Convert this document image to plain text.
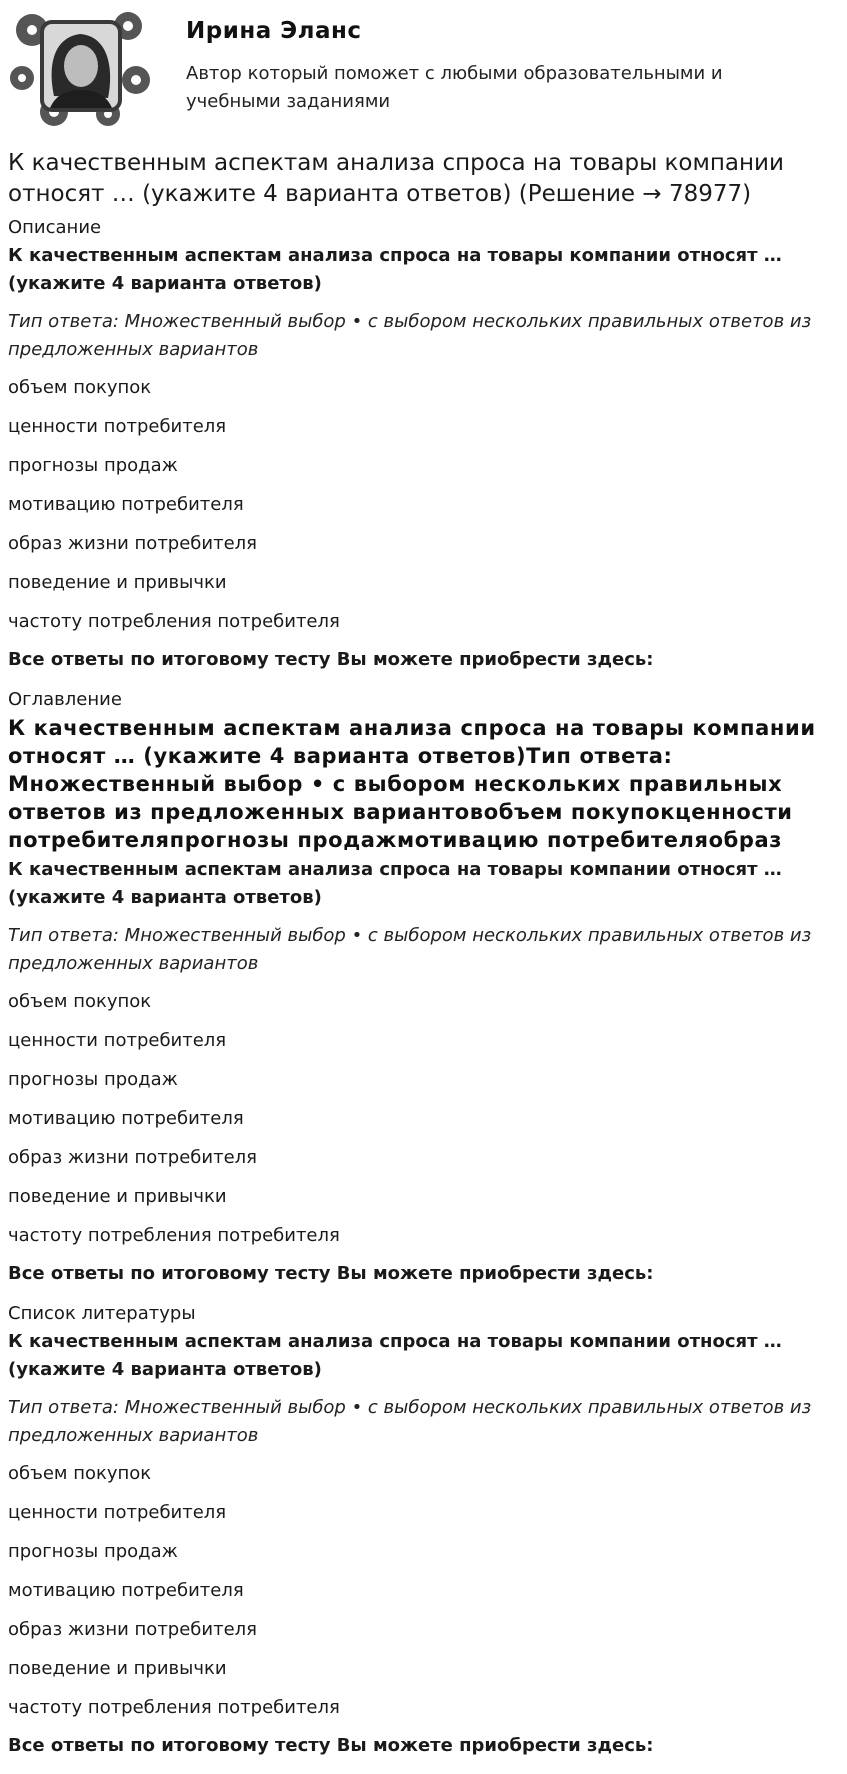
Ирина Эланс
Автор который поможет с любыми образовательными и учебными заданиями
К качественным аспектам анализа спроса на товары компании относят … (укажите 4 варианта ответов) (Решение → 78977)
Описание
К качественным аспектам анализа спроса на товары компании относят … (укажите 4 варианта ответов)
Тип ответа: Множественный выбор • с выбором нескольких правильных ответов из предложенных вариантов
объем покупок
ценности потребителя
прогнозы продаж
мотивацию потребителя
образ жизни потребителя
поведение и привычки
частоту потребления потребителя
Все ответы по итоговому тесту Вы можете приобрести здесь:
Оглавление
К качественным аспектам анализа спроса на товары компании относят … (укажите 4 варианта ответов)Тип ответа: Множественный выбор • с выбором нескольких правильных ответов из предложенных вариантовобъем покупокценности потребителяпрогнозы продажмотивацию потребителяобраз
К качественным аспектам анализа спроса на товары компании относят … (укажите 4 варианта ответов)
Тип ответа: Множественный выбор • с выбором нескольких правильных ответов из предложенных вариантов
объем покупок
ценности потребителя
прогнозы продаж
мотивацию потребителя
образ жизни потребителя
поведение и привычки
частоту потребления потребителя
Все ответы по итоговому тесту Вы можете приобрести здесь:
Список литературы
К качественным аспектам анализа спроса на товары компании относят … (укажите 4 варианта ответов)
Тип ответа: Множественный выбор • с выбором нескольких правильных ответов из предложенных вариантов
объем покупок
ценности потребителя
прогнозы продаж
мотивацию потребителя
образ жизни потребителя
поведение и привычки
частоту потребления потребителя
Все ответы по итоговому тесту Вы можете приобрести здесь:
